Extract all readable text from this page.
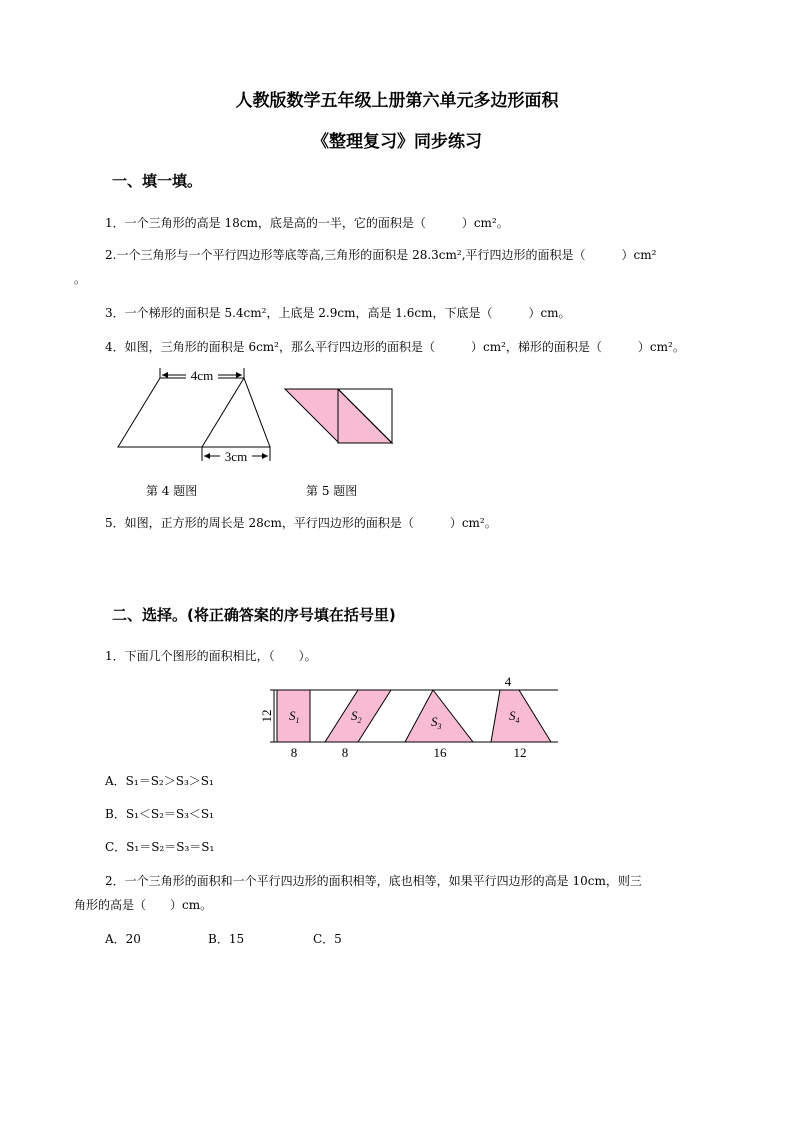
人教版数学五年级上册第六单元多边形面积
《整理复习》同步练习
一、填一填。
1．一个三角形的高是 18cm，底是高的一半，它的面积是（　　　）cm²。
2.一个三角形与一个平行四边形等底等高,三角形的面积是 28.3cm²,平行四边形的面积是（　　　）cm²
。
3．一个梯形的面积是 5.4cm²，上底是 2.9cm，高是 1.6cm，下底是（　　　）cm。
4．如图，三角形的面积是 6cm²，那么平行四边形的面积是（　　　）cm²，梯形的面积是（　　　）cm²。
4cm
3cm
第 4 题图	第 5 题图
5．如图，正方形的周长是 28cm，平行四边形的面积是（　　　）cm²。
二、选择。(将正确答案的序号填在括号里)
1．下面几个图形的面积相比，（　　）。
12
4
$S_1$	$S_2$	$S_3$
$S_4$
8	8	16	12
A．S₁＝S₂＞S₃＞S₁
B．S₁＜S₂＝S₃＜S₁
C．S₁＝S₂＝S₃＝S₁
2．一个三角形的面积和一个平行四边形的面积相等，底也相等，如果平行四边形的高是 10cm，则三
角形的高是（　　）cm。
A．20	B．15	C．5
